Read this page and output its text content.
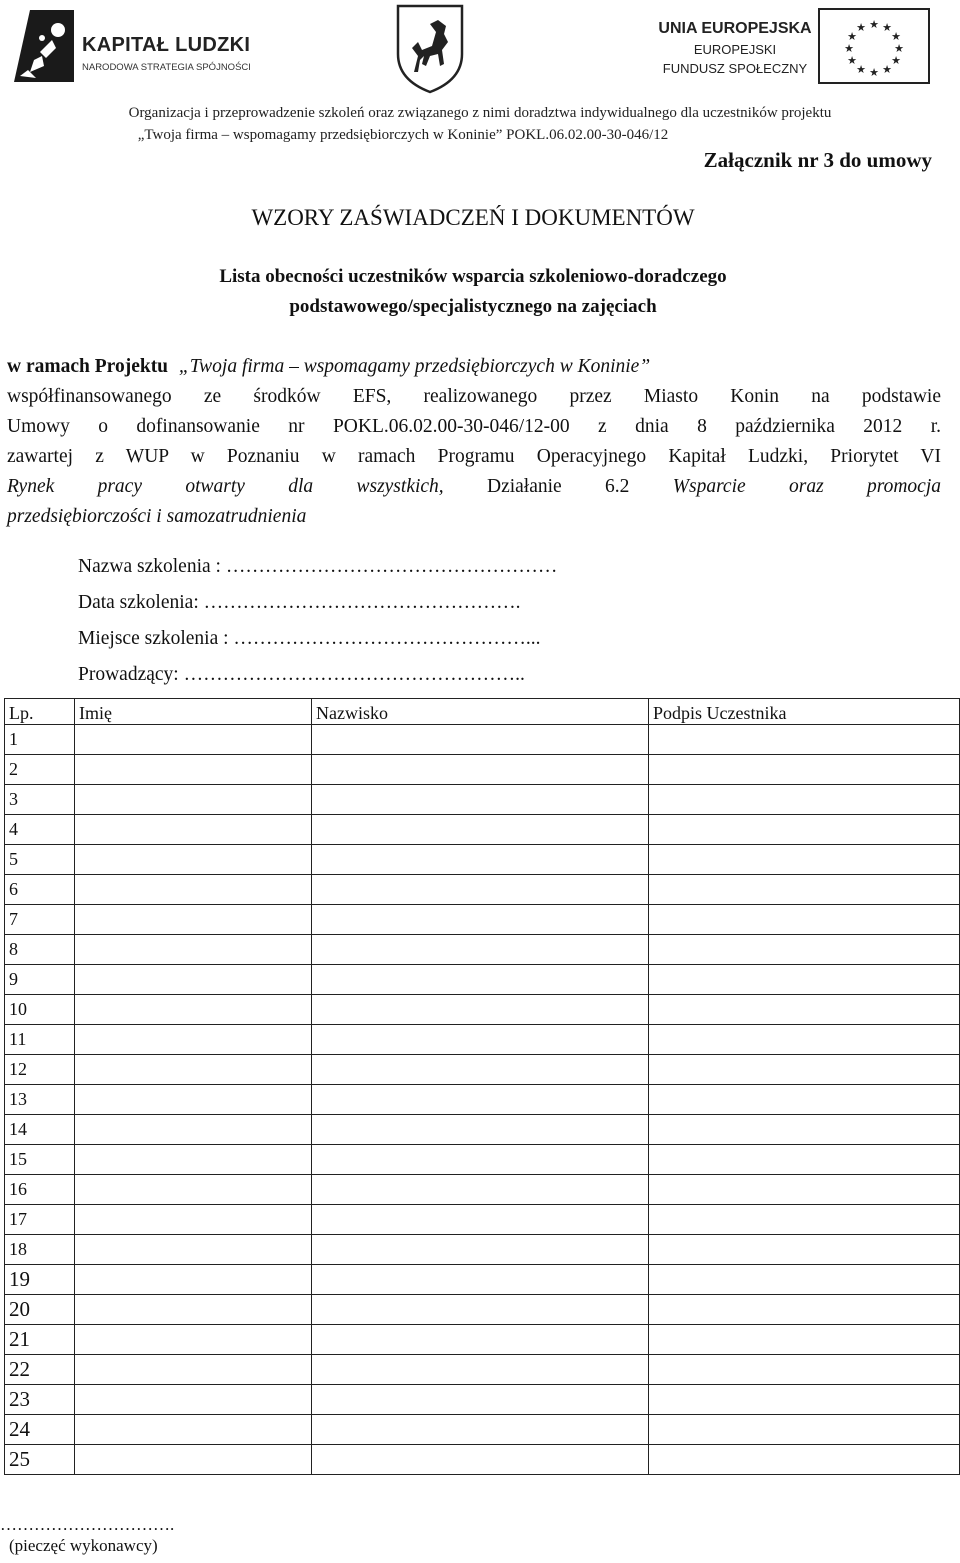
KAPITAŁ LUDZKI
NARODOWA STRATEGIA SPÓJNOŚCI
UNIA EUROPEJSKA
EUROPEJSKI
FUNDUSZ SPOŁECZNY
★ ★
★
★
★
★
★
★
★
★
★
★
Organizacja i przeprowadzenie szkoleń oraz związanego z nimi doradztwa indywidualnego dla uczestników projektu
„Twoja firma – wspomagamy przedsiębiorczych w Koninie” POKL.06.02.00-30-046/12
Załącznik nr 3 do umowy
WZORY ZAŚWIADCZEŃ I DOKUMENTÓW
Lista obecności uczestników wsparcia szkoleniowo-doradczego
podstawowego/specjalistycznego na zajęciach
w ramach Projektu „Twoja firma – wspomagamy przedsiębiorczych w Koninie”
współfinansowanego ze środków EFS, realizowanego przez Miasto Konin na podstawie
Umowy o dofinansowanie nr POKL.06.02.00-30-046/12-00 z dnia 8 października 2012 r.
zawartej z WUP w Poznaniu w ramach Programu Operacyjnego Kapitał Ludzki, Priorytet VI
Rynek pracy otwarty dla wszystkich, Działanie 6.2 Wsparcie oraz promocja
przedsiębiorczości i samozatrudnienia
Nazwa szkolenia : ……………………………………………
Data szkolenia: ………………………………………….
Miejsce szkolenia : ………………………………………...
Prowadzący: ……………………………………………..
Lp.	Imię	Nazwisko	Podpis Uczestnika
1			
2			
3			
4			
5			
6			
7			
8			
9			
10			
11			
12			
13			
14			
15			
16			
17			
18			
19			
20			
21			
22			
23			
24			
25			
………………………….
(pieczęć wykonawcy)
